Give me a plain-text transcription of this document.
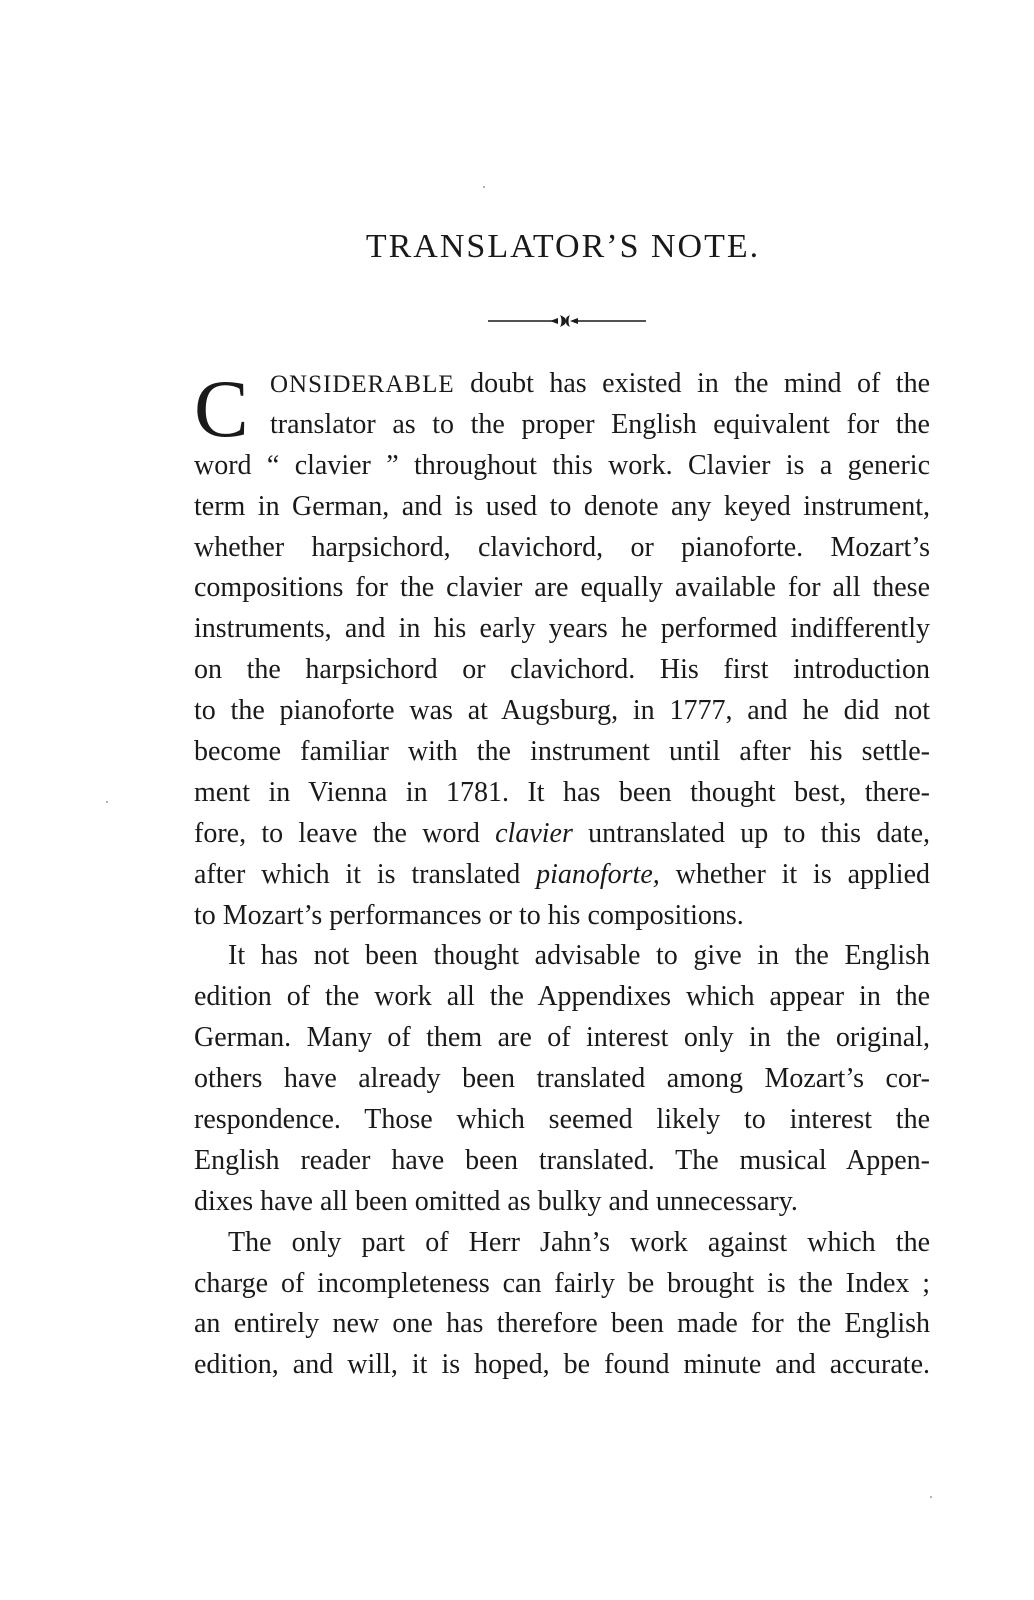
TRANSLATOR’S NOTE.
C ONSIDERABLE doubt has existed in the mind of the
translator as to the proper English equivalent for the
word “ clavier ” throughout this work. Clavier is a generic
term in German, and is used to denote any keyed instrument,
whether harpsichord, clavichord, or pianoforte. Mozart’s
compositions for the clavier are equally available for all these
instruments, and in his early years he performed indifferently
on the harpsichord or clavichord. His first introduction
to the pianoforte was at Augsburg, in 1777, and he did not
become familiar with the instrument until after his settle-
ment in Vienna in 1781. It has been thought best, there-
fore, to leave the word clavier untranslated up to this date,
after which it is translated pianoforte, whether it is applied
to Mozart’s performances or to his compositions.
It has not been thought advisable to give in the English
edition of the work all the Appendixes which appear in the
German. Many of them are of interest only in the original,
others have already been translated among Mozart’s cor-
respondence. Those which seemed likely to interest the
English reader have been translated. The musical Appen-
dixes have all been omitted as bulky and unnecessary.
The only part of Herr Jahn’s work against which the
charge of incompleteness can fairly be brought is the Index ;
an entirely new one has therefore been made for the English
edition, and will, it is hoped, be found minute and accurate.
